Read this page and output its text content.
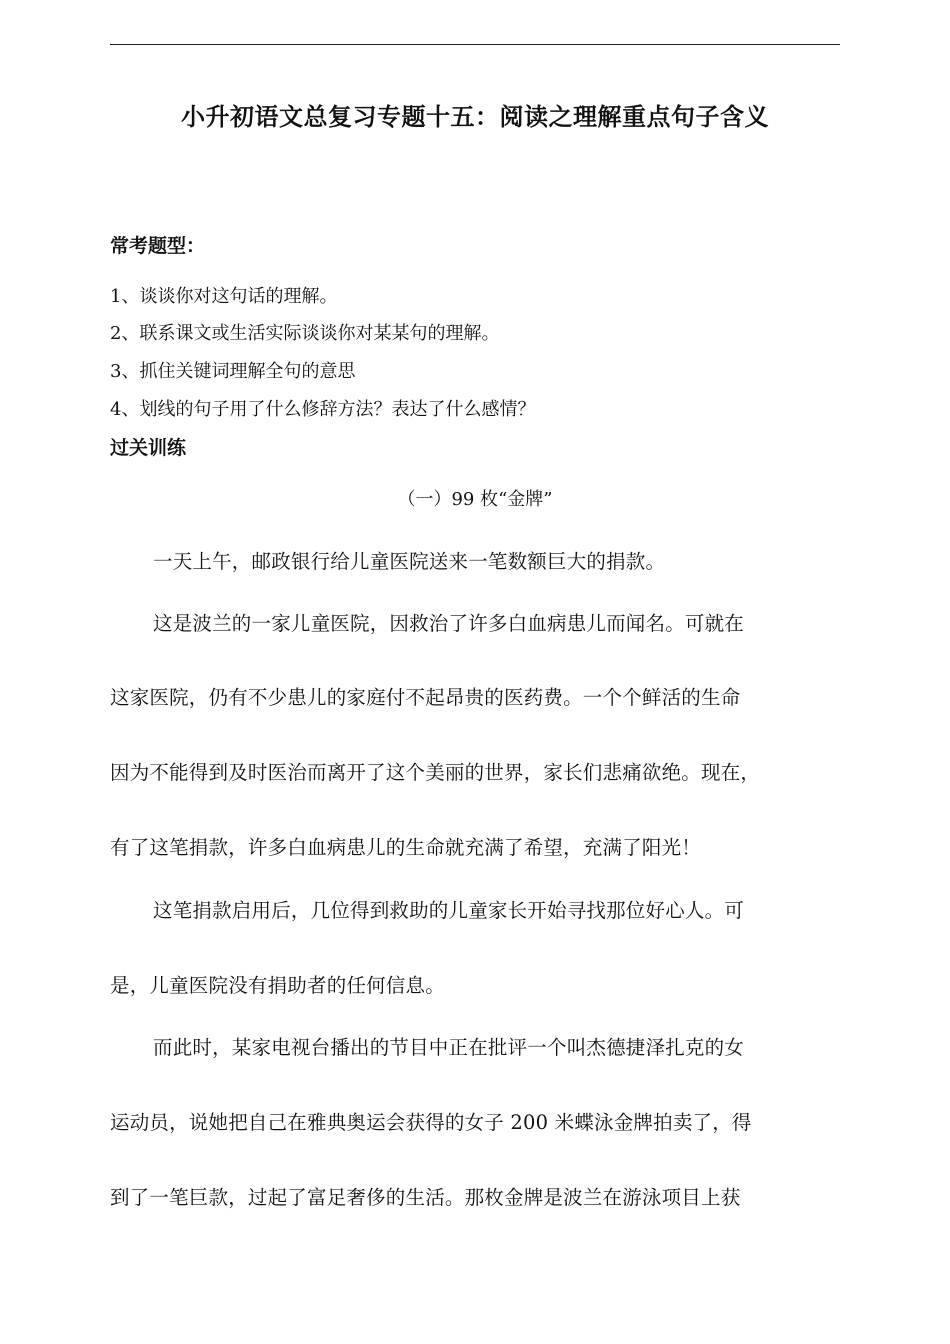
小升初语文总复习专题十五：阅读之理解重点句子含义
常考题型：
1、谈谈你对这句话的理解。
2、联系课文或生活实际谈谈你对某某句的理解。
3、抓住关键词理解全句的意思
4、划线的句子用了什么修辞方法？表达了什么感情？
过关训练
（一）99 枚“金牌”
一天上午，邮政银行给儿童医院送来一笔数额巨大的捐款。
这是波兰的一家儿童医院，因救治了许多白血病患儿而闻名。可就在
这家医院，仍有不少患儿的家庭付不起昂贵的医药费。一个个鲜活的生命
因为不能得到及时医治而离开了这个美丽的世界，家长们悲痛欲绝。现在，
有了这笔捐款，许多白血病患儿的生命就充满了希望，充满了阳光！
这笔捐款启用后，几位得到救助的儿童家长开始寻找那位好心人。可
是，儿童医院没有捐助者的任何信息。
而此时，某家电视台播出的节目中正在批评一个叫杰德捷泽扎克的女
运动员，说她把自己在雅典奥运会获得的女子 200 米蝶泳金牌拍卖了，得
到了一笔巨款，过起了富足奢侈的生活。那枚金牌是波兰在游泳项目上获
